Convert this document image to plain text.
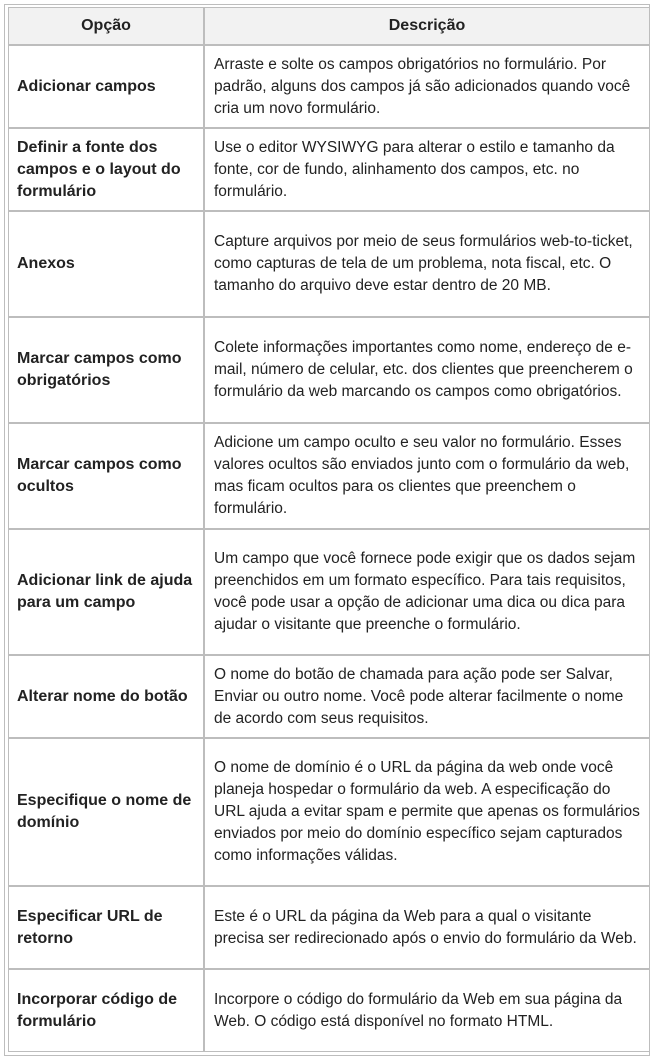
Opção	Descrição
Adicionar campos	Arraste e solte os campos obrigatórios no formulário. Por padrão, alguns dos campos já são adicionados quando você cria um novo formulário.
Definir a fonte dos campos e o layout do formulário	Use o editor WYSIWYG para alterar o estilo e tamanho da fonte, cor de fundo, alinhamento dos campos, etc. no formulário.
Anexos	Capture arquivos por meio de seus formulários web-to-ticket, como capturas de tela de um problema, nota fiscal, etc. O tamanho do arquivo deve estar dentro de 20 MB.
Marcar campos como obrigatórios	Colete informações importantes como nome, endereço de e-mail, número de celular, etc. dos clientes que preencherem o formulário da web marcando os campos como obrigatórios.
Marcar campos como ocultos	Adicione um campo oculto e seu valor no formulário. Esses valores ocultos são enviados junto com o formulário da web, mas ficam ocultos para os clientes que preenchem o formulário.
Adicionar link de ajuda para um campo	Um campo que você fornece pode exigir que os dados sejam preenchidos em um formato específico. Para tais requisitos, você pode usar a opção de adicionar uma dica ou dica para ajudar o visitante que preenche o formulário.
Alterar nome do botão	O nome do botão de chamada para ação pode ser Salvar, Enviar ou outro nome. Você pode alterar facilmente o nome de acordo com seus requisitos.
Especifique o nome de domínio	O nome de domínio é o URL da página da web onde você planeja hospedar o formulário da web. A especificação do URL ajuda a evitar spam e permite que apenas os formulários enviados por meio do domínio específico sejam capturados como informações válidas.
Especificar URL de retorno	Este é o URL da página da Web para a qual o visitante precisa ser redirecionado após o envio do formulário da Web.
Incorporar código de formulário	Incorpore o código do formulário da Web em sua página da Web. O código está disponível no formato HTML.
